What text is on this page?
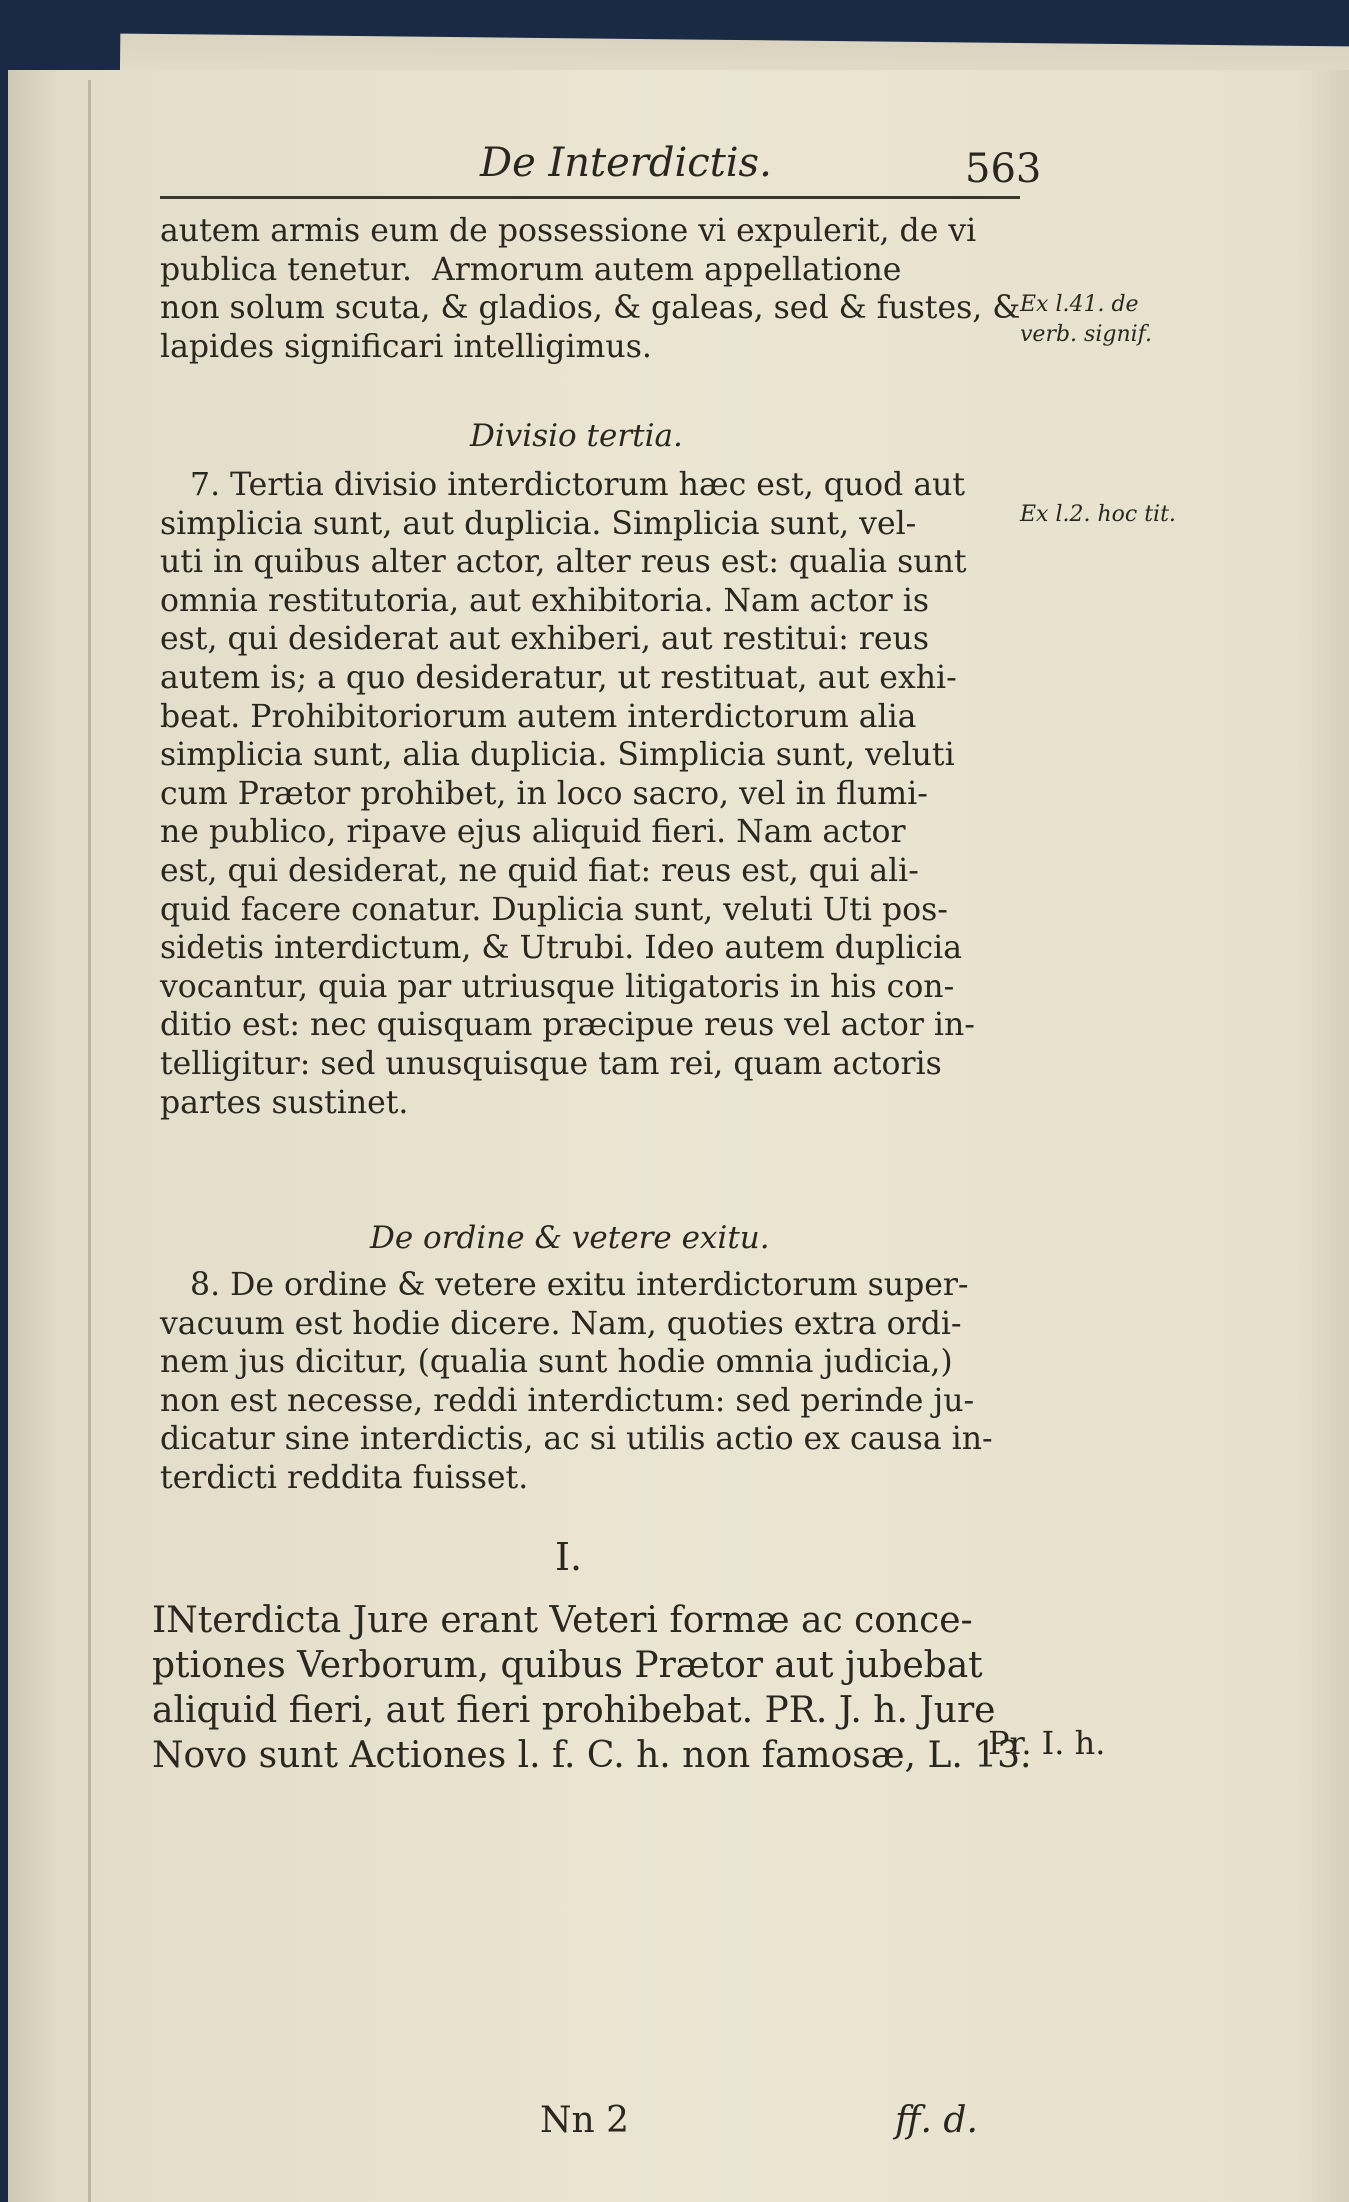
De Interdictis.	563
autem armis eum de possessione vi expulerit, de vi
publica tenetur.  Armorum autem appellatione
non solum scuta, & gladios, & galeas, sed & fustes, &
lapides significari intelligimus.
Ex l.41. de verb. signif.
Divisio tertia.
7. Tertia divisio interdictorum hæc est, quod aut
simplicia sunt, aut duplicia. Simplicia sunt, vel-
uti in quibus alter actor, alter reus est: qualia sunt
omnia restitutoria, aut exhibitoria. Nam actor is
est, qui desiderat aut exhiberi, aut restitui: reus
autem is; a quo desideratur, ut restituat, aut exhi-
beat. Prohibitoriorum autem interdictorum alia
simplicia sunt, alia duplicia. Simplicia sunt, veluti
cum Prætor prohibet, in loco sacro, vel in flumi-
ne publico, ripave ejus aliquid fieri. Nam actor
est, qui desiderat, ne quid fiat: reus est, qui ali-
quid facere conatur. Duplicia sunt, veluti Uti pos-
sidetis interdictum, & Utrubi. Ideo autem duplicia
vocantur, quia par utriusque litigatoris in his con-
ditio est: nec quisquam præcipue reus vel actor in-
telligitur: sed unusquisque tam rei, quam actoris
partes sustinet.
Ex l.2. hoc tit.
De ordine & vetere exitu.
8. De ordine & vetere exitu interdictorum super-
vacuum est hodie dicere. Nam, quoties extra ordi-
nem jus dicitur, (qualia sunt hodie omnia judicia,)
non est necesse, reddi interdictum: sed perinde ju-
dicatur sine interdictis, ac si utilis actio ex causa in-
terdicti reddita fuisset.
I.
INterdicta Jure erant Veteri formæ ac conce-
ptiones Verborum, quibus Prætor aut jubebat
aliquid fieri, aut fieri prohibebat. PR. J. h. Jure
Novo sunt Actiones l. f. C. h. non famosæ, L. 13.
Pr. I. h.
Nn 2	ff. d.
